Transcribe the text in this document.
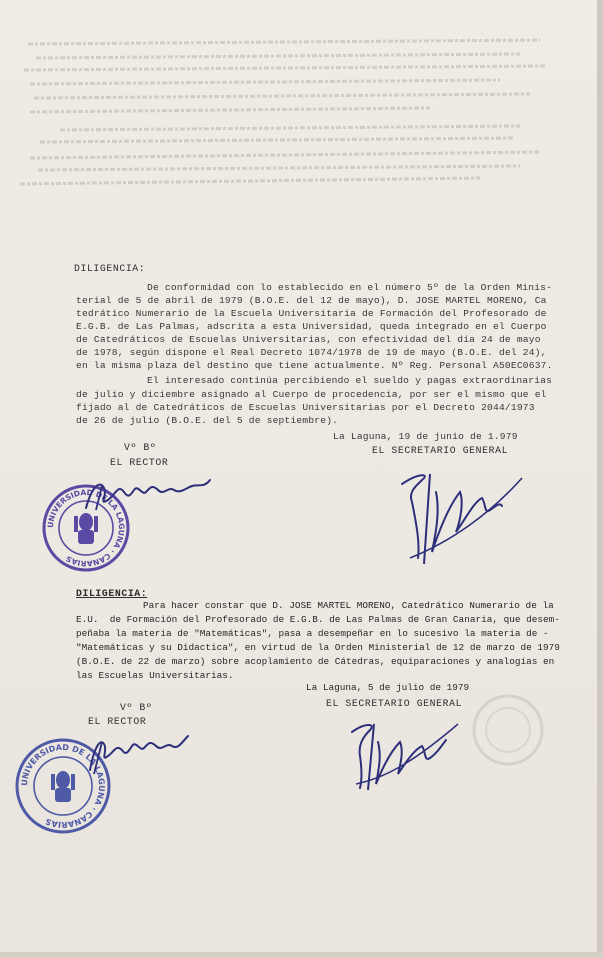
DILIGENCIA:
De conformidad con lo establecido en el número 5º de la Orden Minis-
terial de 5 de abril de 1979 (B.O.E. del 12 de mayo), D. JOSE MARTEL MORENO, Ca
tedrático Numerario de la Escuela Universitaria de Formación del Profesorado de
E.G.B. de Las Palmas, adscrita a esta Universidad, queda integrado en el Cuerpo
de Catedráticos de Escuelas Universitarias, con efectividad del día 24 de mayo
de 1978, según dispone el Real Decreto 1074/1978 de 19 de mayo (B.O.E. del 24),
en la misma plaza del destino que tiene actualmente. Nº Reg. Personal A50EC0637.
El interesado continúa percibiendo el sueldo y pagas extraordinarias
de julio y diciembre asignado al Cuerpo de procedencia, por ser el mismo que el
fijado al de Catedráticos de Escuelas Universitarias por el Decreto 2044/1973
de 26 de julio (B.O.E. del 5 de septiembre).
La Laguna, 19 de junio de 1.979
EL SECRETARIO GENERAL
Vº Bº
EL RECTOR
UNIVERSIDAD DE LA LAGUNA · CANARIAS
DILIGENCIA:
Para hacer constar que D. JOSE MARTEL MORENO, Catedrático Numerario de la
E.U.  de Formación del Profesorado de E.G.B. de Las Palmas de Gran Canaria, que desem-
peñaba la materia de "Matemáticas", pasa a desempeñar en lo sucesivo la materia de -
"Matemáticas y su Didactica", en virtud de la Orden Ministerial de 12 de marzo de 1979
(B.O.E. de 22 de marzo) sobre acoplamiento de Cátedras, equiparaciones y analogías en
las Escuelas Universitarias.
La Laguna, 5 de julio de 1979
EL SECRETARIO GENERAL
Vº Bº
EL RECTOR
UNIVERSIDAD DE LA LAGUNA · CANARIAS
